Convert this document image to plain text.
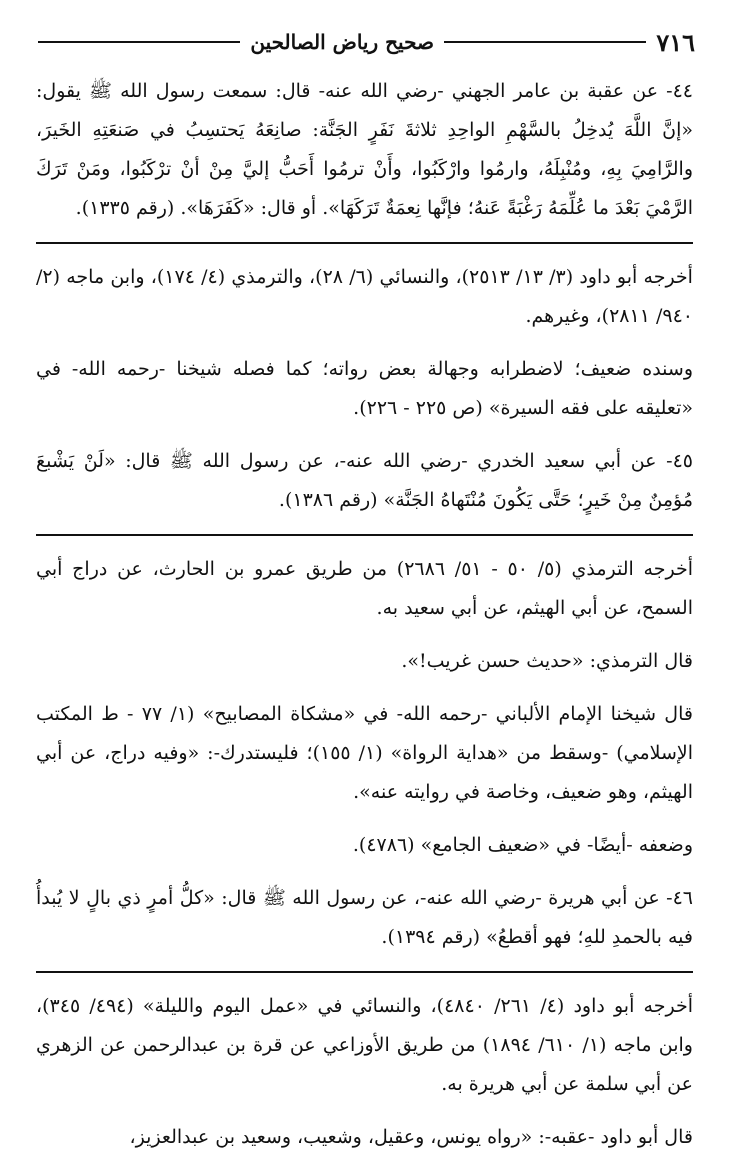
٧١٦
صحيح رياض الصالحين

٤٤- عن عقبة بن عامر الجهني -رضي الله عنه- قال: سمعت رسول الله ﷺ يقول: «إنَّ اللَّهَ يُدخِلُ بالسَّهْمِ الواحِدِ ثلاثةَ نَفَرٍ الجَنَّة: صانِعَهُ يَحتسِبُ في صَنعَتِهِ الخَيرَ، والرَّامِيَ بِهِ، ومُنْبِلَهُ، وارمُوا وارْكَبُوا، وأَنْ ترمُوا أَحَبُّ إليَّ مِنْ أنْ ترْكَبُوا، ومَنْ تَرَكَ الرَّمْيَ بَعْدَ ما عُلِّمَهُ رَغْبَةً عَنهُ؛ فإنَّها نِعمَةٌ تَرَكَهَا». أو قال: «كَفَرَهَا». (رقم ١٣٣٥).

أخرجه أبو داود (٣/ ١٣/ ٢٥١٣)، والنسائي (٦/ ٢٨)، والترمذي (٤/ ١٧٤)، وابن ماجه (٢/ ٩٤٠/ ٢٨١١)، وغيرهم.

وسنده ضعيف؛ لاضطرابه وجهالة بعض رواته؛ كما فصله شيخنا -رحمه الله- في «تعليقه على فقه السيرة» (ص ٢٢٥ - ٢٢٦).

٤٥- عن أبي سعيد الخدري -رضي الله عنه-، عن رسول الله ﷺ قال: «لَنْ يَشْبعَ مُؤمِنٌ مِنْ خَيرٍ؛ حَتَّى يَكُونَ مُنْتَهاهُ الجَنَّة» (رقم ١٣٨٦).

أخرجه الترمذي (٥/ ٥٠ - ٥١/ ٢٦٨٦) من طريق عمرو بن الحارث، عن دراج أبي السمح، عن أبي الهيثم، عن أبي سعيد به.

قال الترمذي: «حديث حسن غريب!».

قال شيخنا الإمام الألباني -رحمه الله- في «مشكاة المصابيح» (١/ ٧٧ - ط المكتب الإسلامي) -وسقط من «هداية الرواة» (١/ ١٥٥)؛ فليستدرك-: «وفيه دراج، عن أبي الهيثم، وهو ضعيف، وخاصة في روايته عنه».

وضعفه -أيضًا- في «ضعيف الجامع» (٤٧٨٦).

٤٦- عن أبي هريرة -رضي الله عنه-، عن رسول الله ﷺ قال: «كلُّ أمرٍ ذي بالٍ لا يُبدأُ فيه بالحمدِ للهِ؛ فهو أقطعُ» (رقم ١٣٩٤).

أخرجه أبو داود (٤/ ٢٦١/ ٤٨٤٠)، والنسائي في «عمل اليوم والليلة» (٤٩٤/ ٣٤٥)، وابن ماجه (١/ ٦١٠/ ١٨٩٤) من طريق الأوزاعي عن قرة بن عبدالرحمن عن الزهري عن أبي سلمة عن أبي هريرة به.

قال أبو داود -عقبه-: «رواه يونس، وعقيل، وشعيب، وسعيد بن عبدالعزيز،
